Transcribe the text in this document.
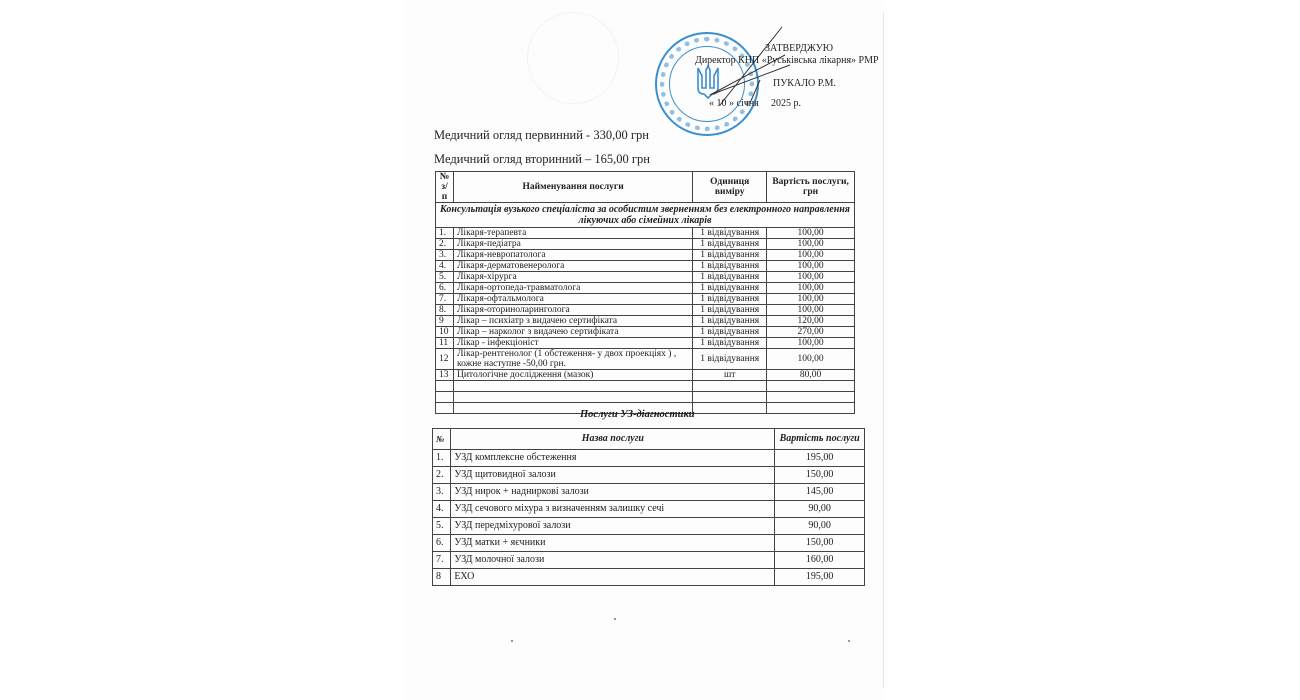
ЗАТВЕРДЖУЮ
Директор КНП «Руськівська лікарня» РМР
ПУКАЛО Р.М.
« 10 » січня 2025 р.
Медичний огляд первинний - 330,00 грн
Медичний огляд вторинний – 165,00 грн
№ з/п	Найменування послуги	Одиниця виміру	Вартість послуги, грн
Консультація вузького спеціаліста за особистим зверненням без електронного направлення лікуючих або сімейних лікарів			
1.	Лікаря-терапевта	1 відвідування	100,00
2.	Лікаря-педіатра	1 відвідування	100,00
3.	Лікаря-невропатолога	1 відвідування	100,00
4.	Лікаря-дерматовенеролога	1 відвідування	100,00
5.	Лікаря-хірурга	1 відвідування	100,00
6.	Лікаря-ортопеда-травматолога	1 відвідування	100,00
7.	Лікаря-офтальмолога	1 відвідування	100,00
8.	Лікаря-оториноларинголога	1 відвідування	100,00
9	Лікар – психіатр з видачею сертифіката	1 відвідування	120,00
10	Лікар – нарколог з видачею сертифіката	1 відвідування	270,00
11	Лікар - інфекціоніст	1 відвідування	100,00
12	Лікар-рентгенолог (1 обстеження- у двох проекціях ) , кожне наступне -50,00 грн.	1 відвідування	100,00
13	Цитологічне дослідження (мазок)	шт	80,00

Послуги УЗ-діагностики
№	Назва послуги	Вартість послуги
1.	УЗД комплексне обстеження	195,00
2.	УЗД щитовидної залози	150,00
3.	УЗД нирок + надниркові залози	145,00
4.	УЗД сечового міхура з визначенням залишку сечі	90,00
5.	УЗД передміхурової залози	90,00
6.	УЗД матки + яєчники	150,00
7.	УЗД молочної залози	160,00
8	ЕХО	195,00
